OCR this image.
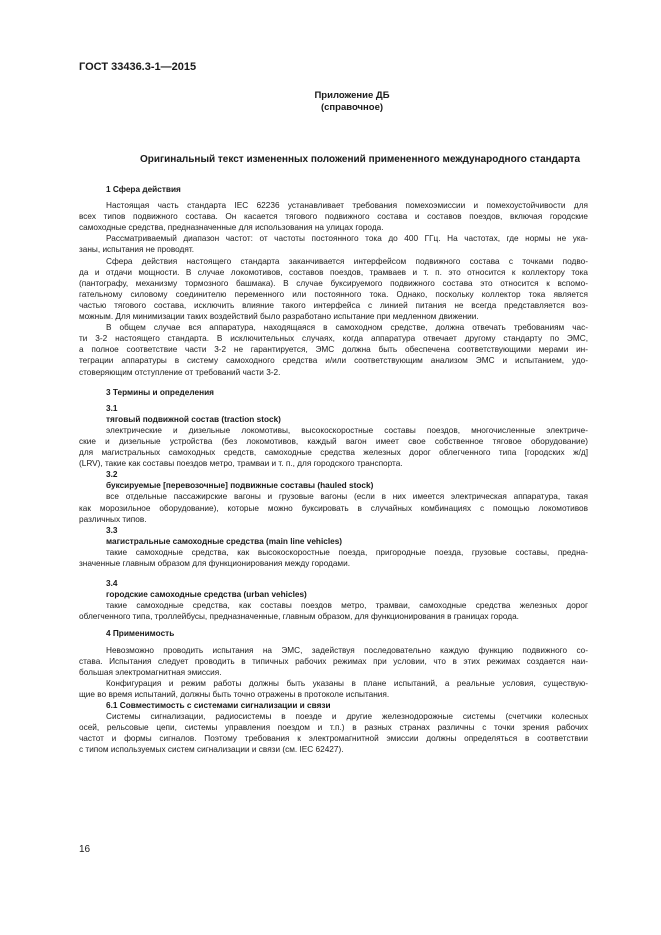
ГОСТ 33436.3-1—2015
Приложение ДБ
(справочное)
Оригинальный текст измененных положений примененного международного стандарта
1 Сфера действия
Настоящая часть стандарта IEC 62236 устанавливает требования помехоэмиссии и помехоустойчивости для
всех типов подвижного состава. Он касается тягового подвижного состава и составов поездов, включая городские
самоходные средства, предназначенные для использования на улицах города.
Рассматриваемый диапазон частот: от частоты постоянного тока до 400 ГГц. На частотах, где нормы не ука-
заны, испытания не проводят.
Сфера действия настоящего стандарта заканчивается интерфейсом подвижного состава с точками подво-
да и отдачи мощности. В случае локомотивов, составов поездов, трамваев и т. п. это относится к коллектору тока
(пантографу, механизму тормозного башмака). В случае буксируемого подвижного состава это относится к вспомо-
гательному силовому соединителю переменного или постоянного тока. Однако, поскольку коллектор тока является
частью тягового состава, исключить влияние такого интерфейса с линией питания не всегда представляется воз-
можным. Для минимизации таких воздействий было разработано испытание при медленном движении.
В общем случае вся аппаратура, находящаяся в самоходном средстве, должна отвечать требованиям час-
ти 3-2 настоящего стандарта. В исключительных случаях, когда аппаратура отвечает другому стандарту по ЭМС,
а полное соответствие части 3-2 не гарантируется, ЭМС должна быть обеспечена соответствующими мерами ин-
теграции аппаратуры в систему самоходного средства и/или соответствующим анализом ЭМС и испытанием, удо-
стоверяющим отступление от требований части 3-2.
3 Термины и определения
3.1
тяговый подвижной состав (traction stock)
электрические и дизельные локомотивы, высокоскоростные составы поездов, многочисленные электриче-
ские и дизельные устройства (без локомотивов, каждый вагон имеет свое собственное тяговое оборудование)
для магистральных самоходных средств, самоходные средства железных дорог облегченного типа [городских ж/д]
(LRV), такие как составы поездов метро, трамваи и т. п., для городского транспорта.
3.2
буксируемые [перевозочные] подвижные составы (hauled stock)
все отдельные пассажирские вагоны и грузовые вагоны (если в них имеется электрическая аппаратура, такая
как морозильное оборудование), которые можно буксировать в случайных комбинациях с помощью локомотивов
различных типов.
3.3
магистральные самоходные средства (main line vehicles)
такие самоходные средства, как высокоскоростные поезда, пригородные поезда, грузовые составы, предна-
значенные главным образом для функционирования между городами.
3.4
городские самоходные средства (urban vehicles)
такие самоходные средства, как составы поездов метро, трамваи, самоходные средства железных дорог
облегченного типа, троллейбусы, предназначенные, главным образом, для функционирования в границах города.
4 Применимость
Невозможно проводить испытания на ЭМС, задействуя последовательно каждую функцию подвижного со-
става. Испытания следует проводить в типичных рабочих режимах при условии, что в этих режимах создается наи-
большая электромагнитная эмиссия.
Конфигурация и режим работы должны быть указаны в плане испытаний, а реальные условия, существую-
щие во время испытаний, должны быть точно отражены в протоколе испытания.
6.1 Совместимость с системами сигнализации и связи
Системы сигнализации, радиосистемы в поезде и другие железнодорожные системы (счетчики колесных
осей, рельсовые цепи, системы управления поездом и т.п.) в разных странах различны с точки зрения рабочих
частот и формы сигналов. Поэтому требования к электромагнитной эмиссии должны определяться в соответствии
с типом используемых систем сигнализации и связи (см. IEC 62427).
16
